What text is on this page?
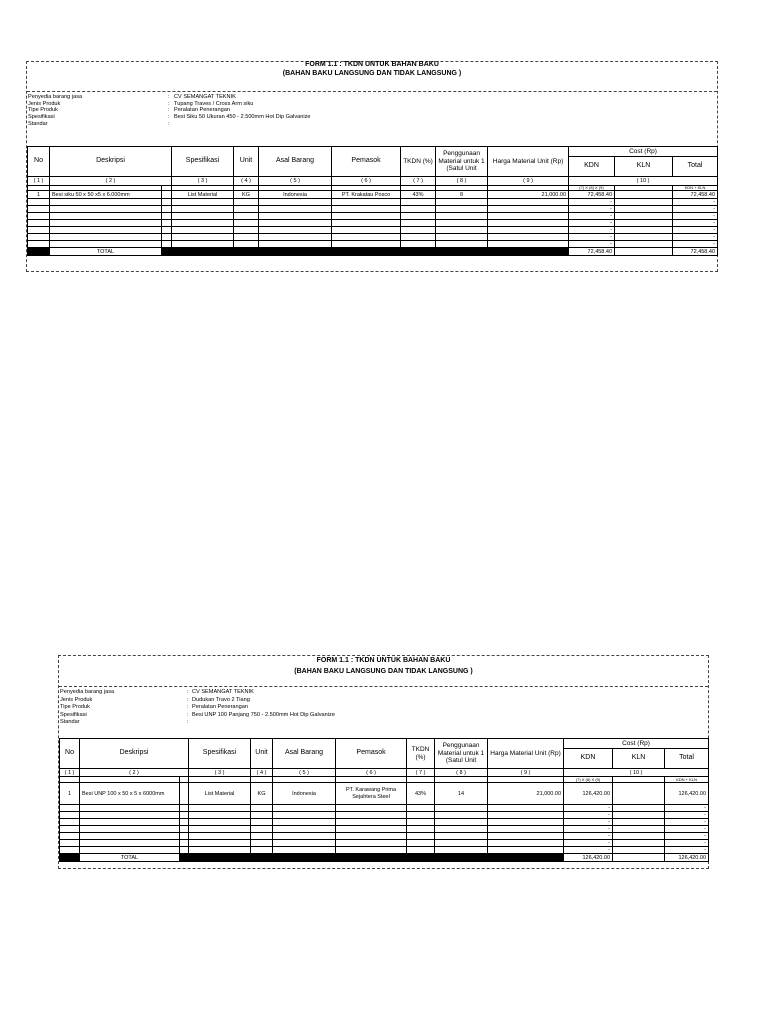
FORM 1.1 : TKDN UNTUK BAHAN BAKU
(BAHAN BAKU LANGSUNG DAN TIDAK LANGSUNG )
Penyedia barang jasa	: CV SEMANGAT TEKNIK
Jenis Produk	: Tupang Traves / Cross Arm siku
Tipe Produk	: Peralatan Penerangan
Spesifikasi	: Besi Siku 50 Ukuran 450 - 2.500mm Hot Dip Galvanize
Standar	:
No	Deskripsi		Spesifikasi	Unit	Asal Barang	Pemasok	TKDN (%)	Penggunaan Material untuk 1 (Satul Unit	Harga Material Unit (Rp)	Cost (Rp)		
										KDN	KLN	Total
( 1 )	( 2 )		( 3 )	( 4 )	( 5 )	( 6 )	( 7 )	( 8 )	( 9 )	( 10 )		
										(7) X (8) X (9)		KDN + KLN
1	Besi siku 50 x 50 x5 x 6.000mm		List Material	KG	Indonesia	PT. Krakatau Posco	43%	8	21,000.00	72,458.40		72,458.40
										-		-
										-		-
										-		-
										-		-
										-		-
										-		-
										-		-
	TOTAL									72,458.40		72,458.40
FORM 1.1 : TKDN UNTUK BAHAN BAKU
(BAHAN BAKU LANGSUNG DAN TIDAK LANGSUNG )
Penyedia barang jasa	: CV SEMANGAT TEKNIK
Jenis Produk	: Dudukan Travo 2 Tiang
Tipe Produk	: Peralatan Penerangan
Spesifikasi	: Besi UNP 100 Panjang 750 - 2.500mm Hot Dip Galvanize
Standar	:
No	Deskripsi		Spesifikasi	Unit	Asal Barang	Pemasok	TKDN (%)	Penggunaan Material untuk 1 (Satul Unit	Harga Material Unit (Rp)	Cost (Rp)		
										KDN	KLN	Total
( 1 )	( 2 )		( 3 )	( 4 )	( 5 )	( 6 )	( 7 )	( 8 )	( 9 )	( 10 )		
										(7) X (8) X (9)		KDN + KLN
1	Besi UNP 100 x 50 x 5 x 6000mm		List Material	KG	Indonesia	PT. Karawang Prima Sejahtera Steel	43%	14	21,000.00	126,420.00		126,420.00
										-		-
										-		-
										-		-
										-		-
										-		-
										-		-
										-		-
	TOTAL									126,420.00		126,420.00
